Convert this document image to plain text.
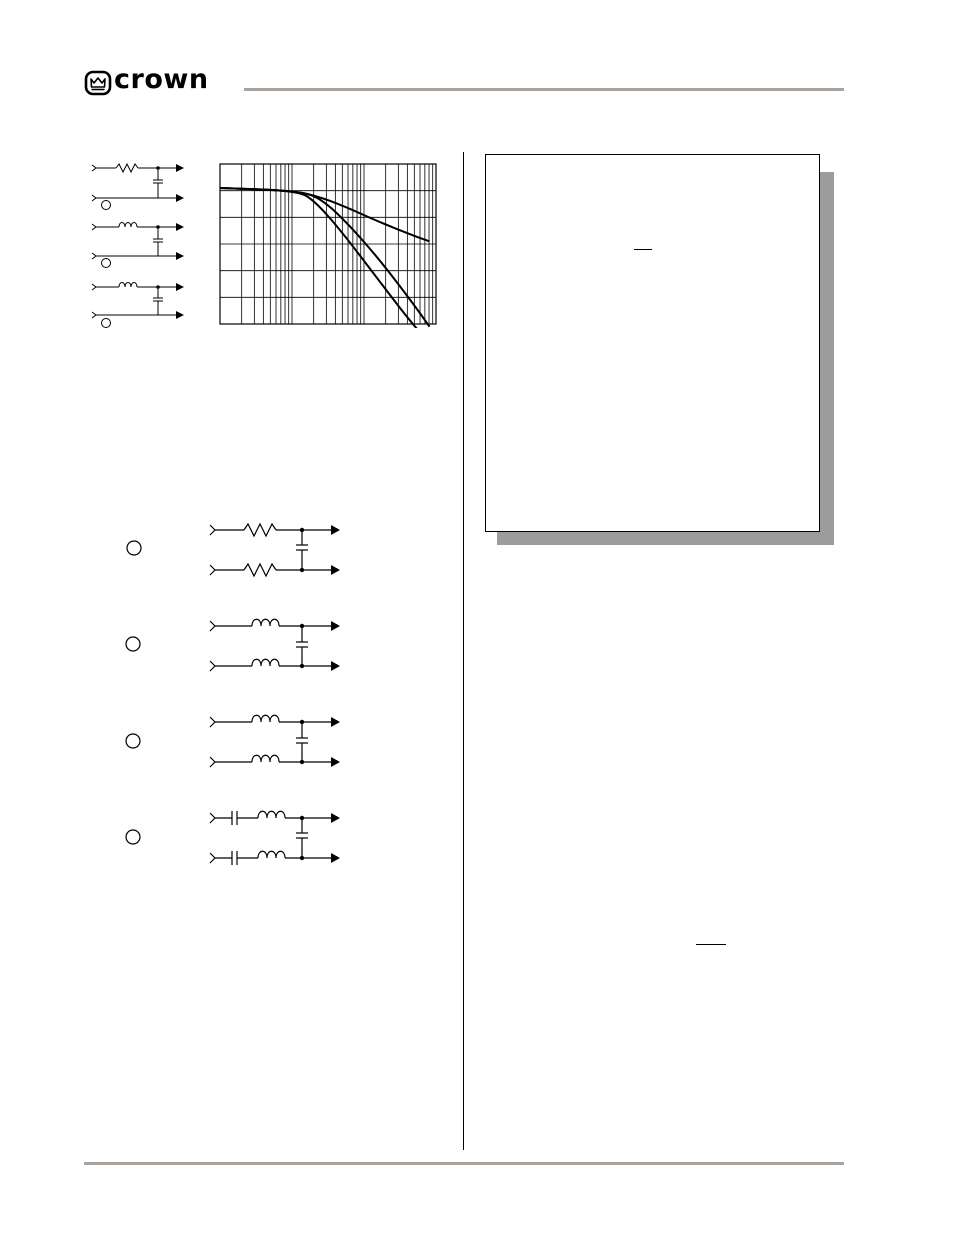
crown
